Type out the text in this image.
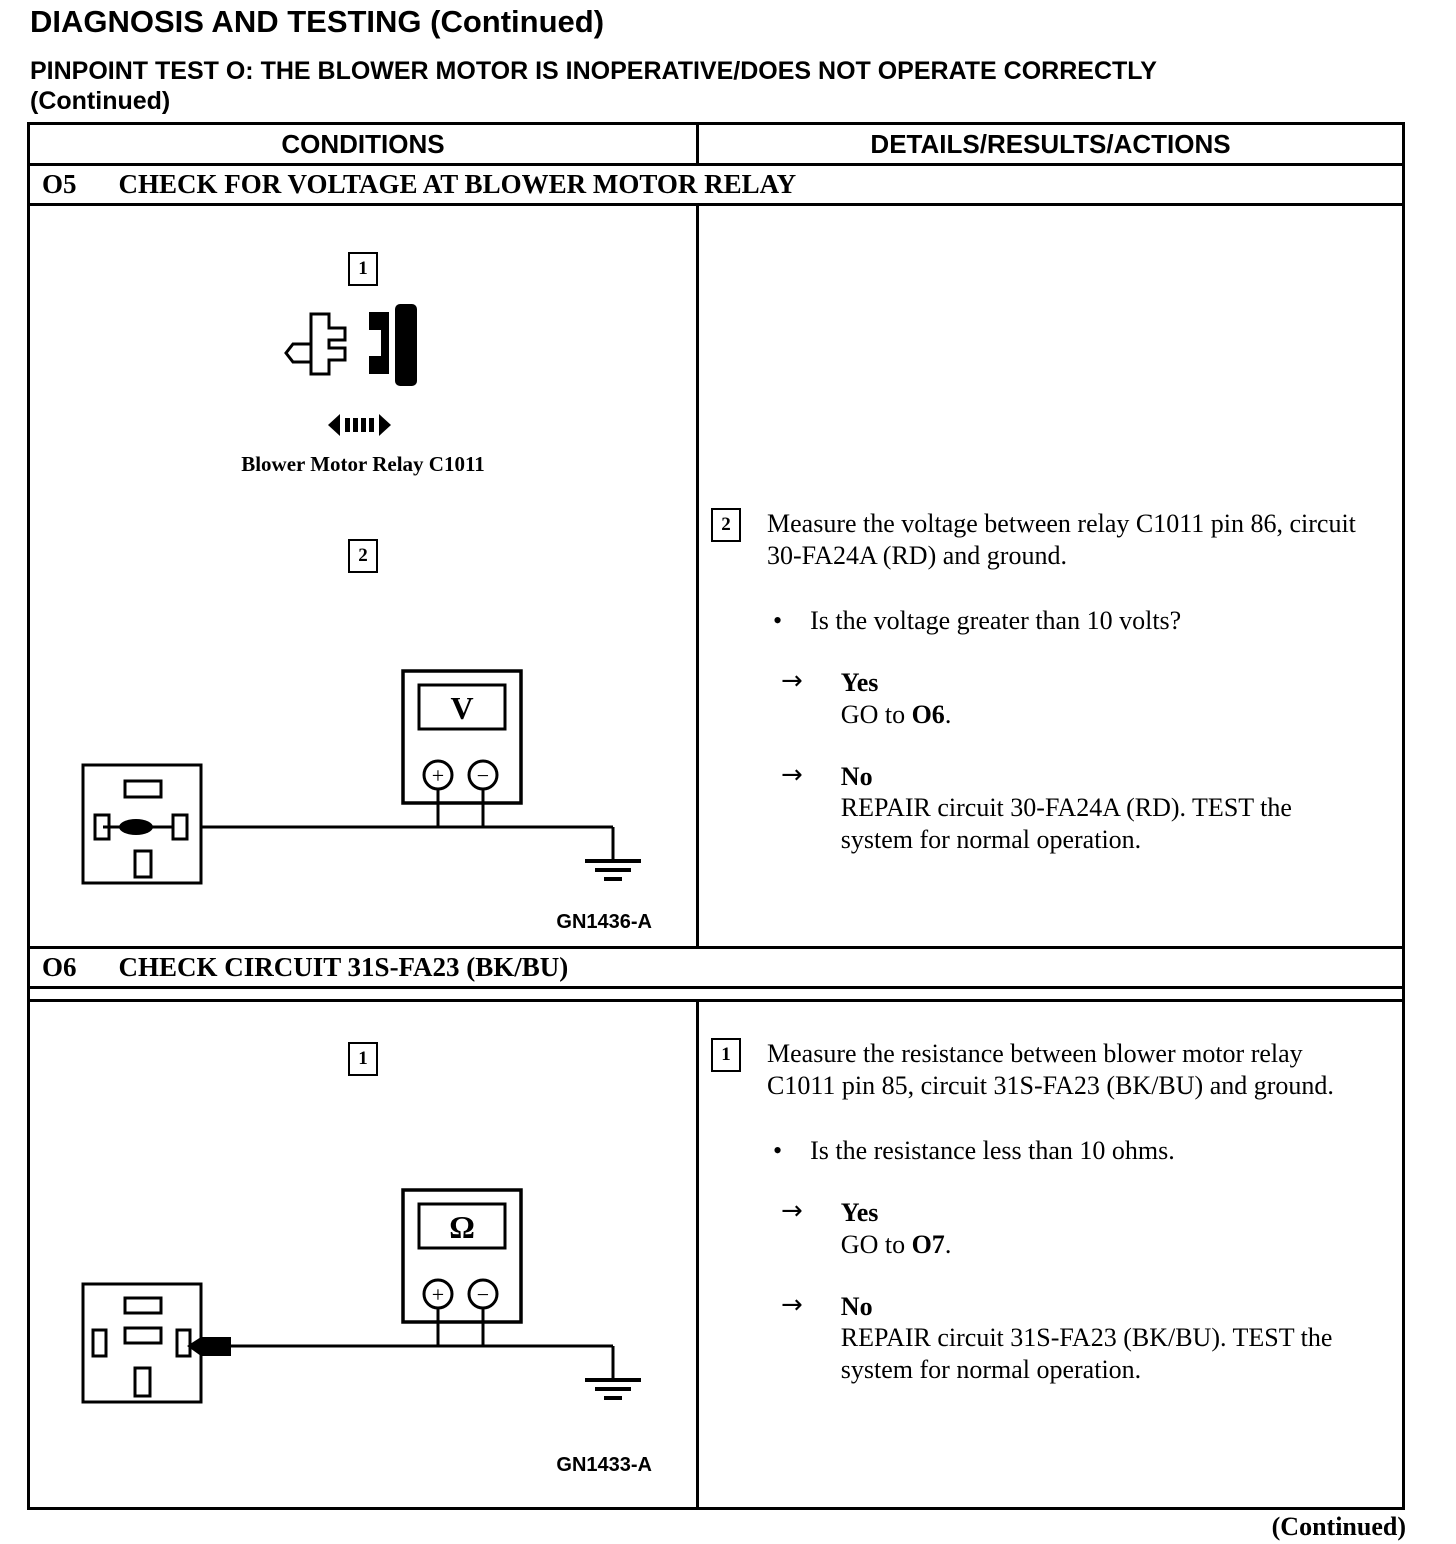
DIAGNOSIS AND TESTING (Continued)
PINPOINT TEST O: THE BLOWER MOTOR IS INOPERATIVE/DOES NOT OPERATE CORRECTLY
(Continued)
CONDITIONS	DETAILS/RESULTS/ACTIONS
O5 CHECK FOR VOLTAGE AT BLOWER MOTOR RELAY
1
Blower Motor Relay C1011
2
V
+ −
GN1436-A
2	Measure the voltage between relay C1011 pin 86, circuit 30-FA24A (RD) and ground.

• Is the voltage greater than 10 volts?
→ Yes
GO to O6.
→ No
REPAIR circuit 30-FA24A (RD). TEST the system for normal operation.
O6 CHECK CIRCUIT 31S-FA23 (BK/BU)
1
Ω
+ −
GN1433-A
1	Measure the resistance between blower motor relay C1011 pin 85, circuit 31S-FA23 (BK/BU) and ground.

• Is the resistance less than 10 ohms.
→ Yes
GO to O7.
→ No
REPAIR circuit 31S-FA23 (BK/BU). TEST the system for normal operation.
(Continued)
